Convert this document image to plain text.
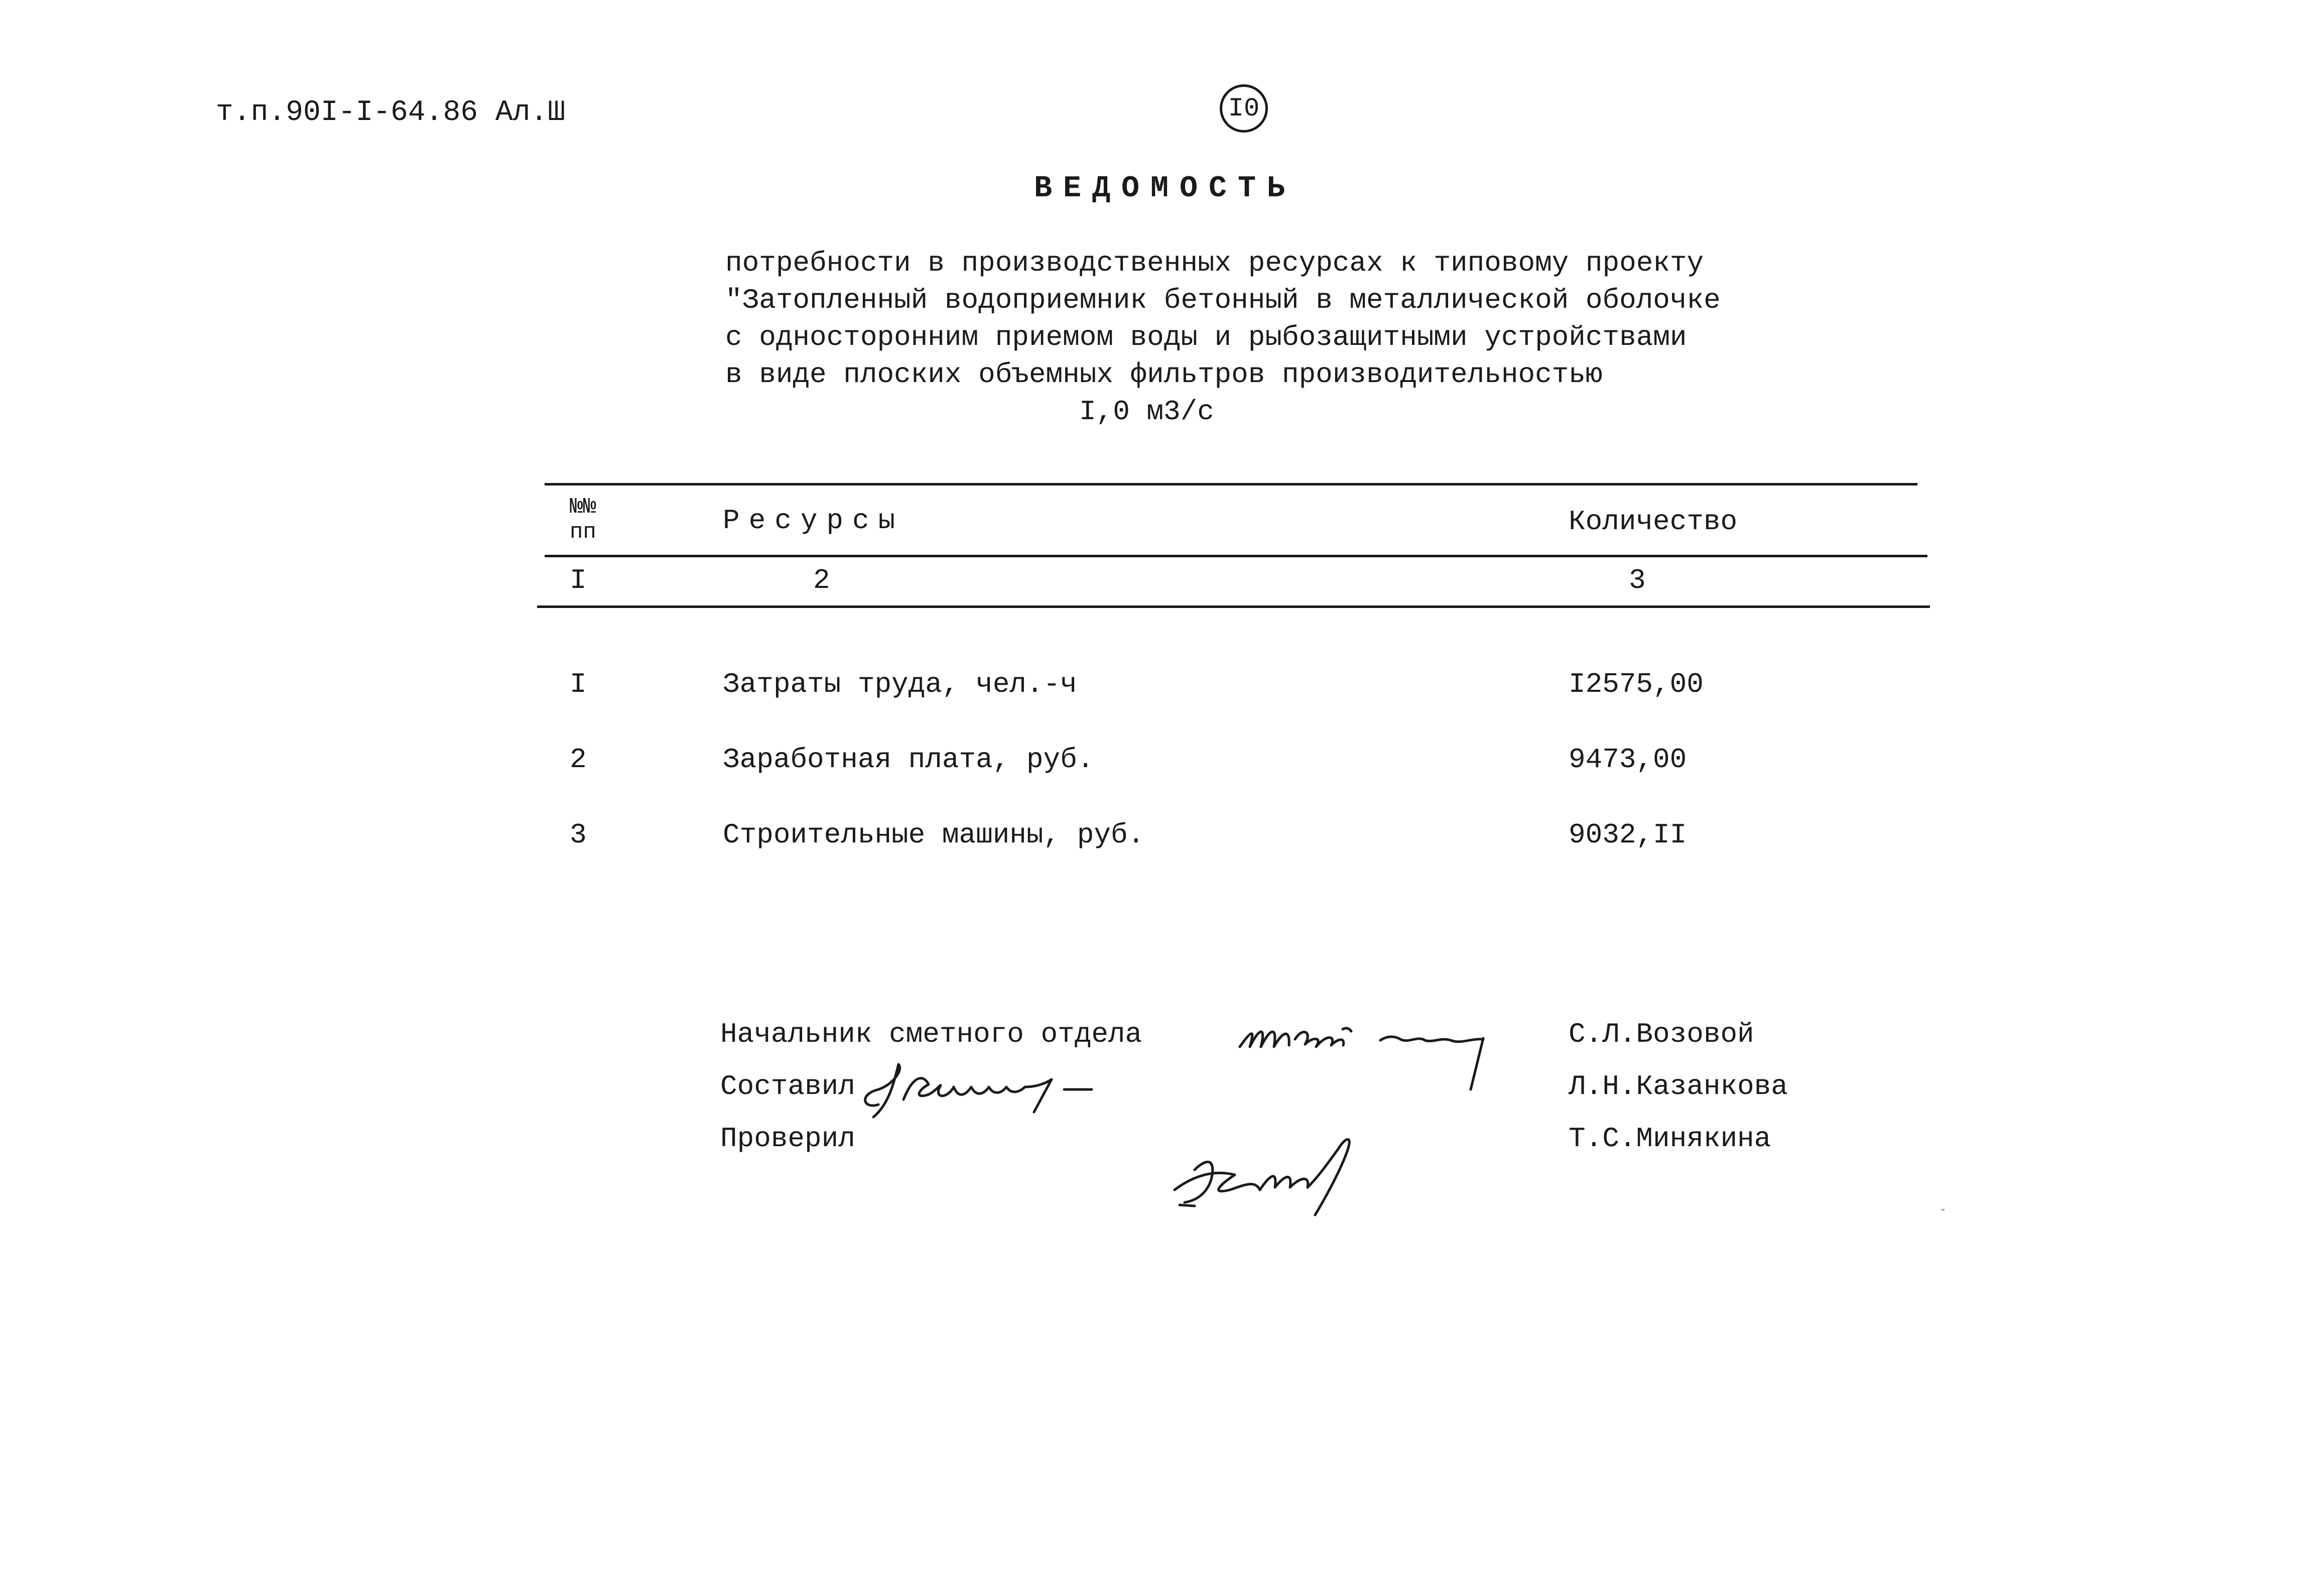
т.п.90I-I-64.86 Ал.Ш	I0
ВЕДОМОСТЬ
потребности в производственных ресурсах к типовому проекту
"Затопленный водоприемник бетонный в металлической оболочке
с односторонним приемом воды и рыбозащитными устройствами
в виде плоских объемных фильтров производительностью
I,0 м3/с
№№
пп	Ресурсы	Количество
I	2	3
I	Затраты труда, чел.-ч	I2575,00
2	Заработная плата, руб.	9473,00
3	Строительные машины, руб.	9032,II
Начальник сметного отдела
Составил
Проверил
С.Л.Возовой
Л.Н.Казанкова
Т.С.Минякина
